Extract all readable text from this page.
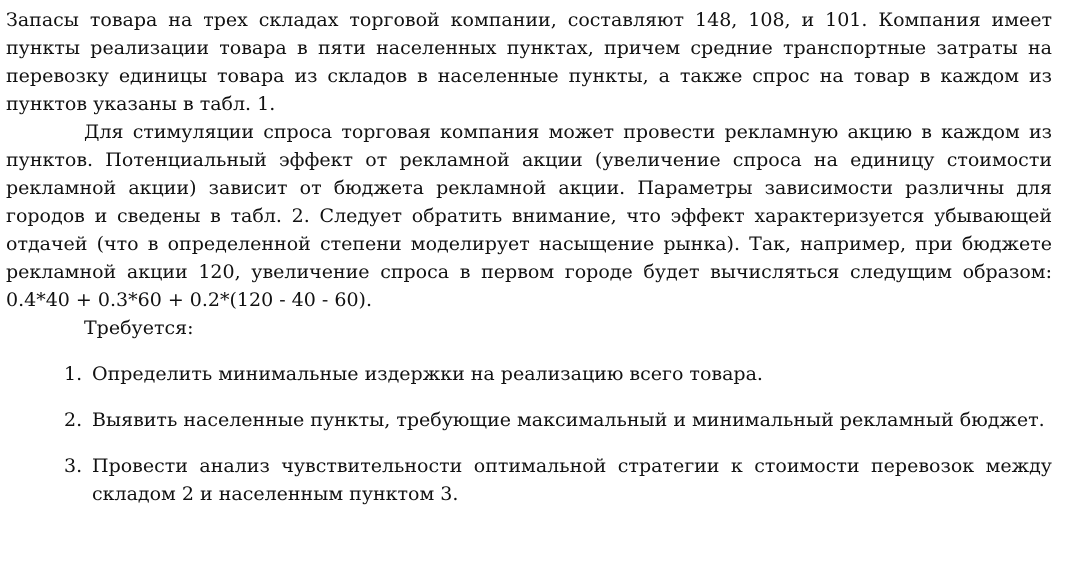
Запасы товара на трех складах торговой компании, составляют 148, 108, и 101. Компания имеет пункты реализации товара в пяти населенных пунктах, причем средние транспортные затраты на перевозку единицы товара из складов в населенные пункты, а также спрос на товар в каждом из пунктов указаны в табл. 1.

Для стимуляции спроса торговая компания может провести рекламную акцию в каждом из пунктов. Потенциальный эффект от рекламной акции (увеличение спроса на единицу стоимости рекламной акции) зависит от бюджета рекламной акции. Параметры зависимости различны для городов и сведены в табл. 2. Следует обратить внимание, что эффект характеризуется убывающей отдачей (что в определенной степени моделирует насыщение рынка). Так, например, при бюджете рекламной акции 120, увеличение спроса в первом городе будет вычисляться следущим образом: 0.4*40 + 0.3*60 + 0.2*(120 - 40 - 60).

Требуется:

1. Определить минимальные издержки на реализацию всего товара.
2. Выявить населенные пункты, требующие максимальный и минимальный рекламный бюджет.
3. Провести анализ чувствительности оптимальной стратегии к стоимости перевозок между складом 2 и населенным пунктом 3.
